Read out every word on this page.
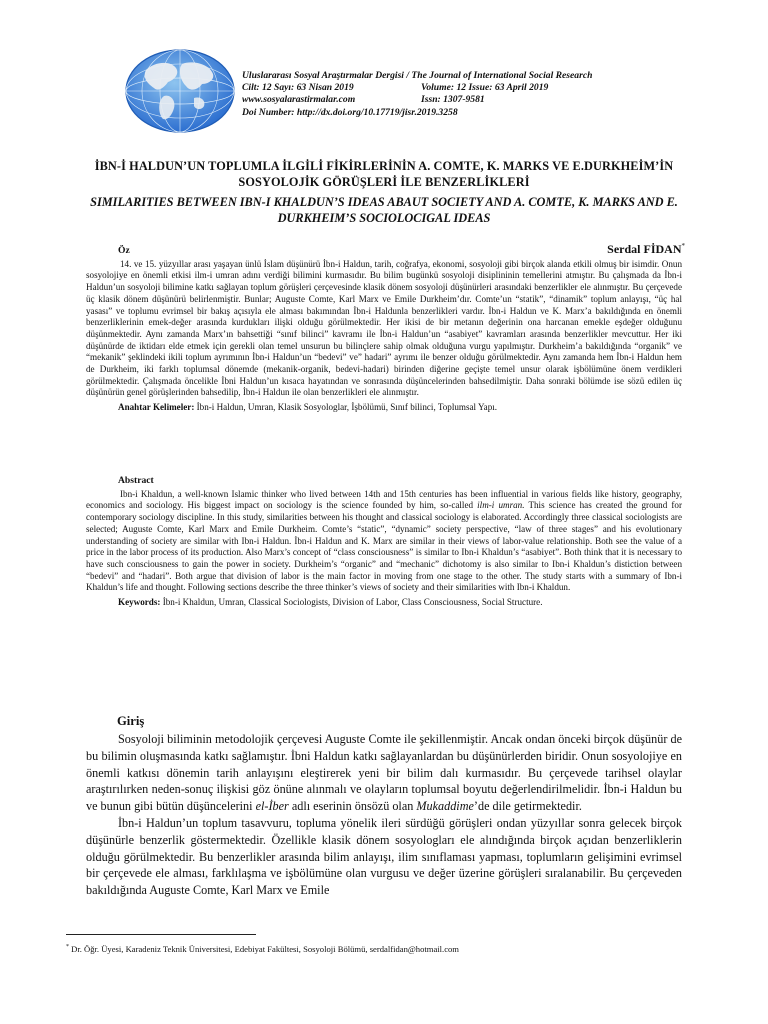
Uluslararası Sosyal Araştırmalar Dergisi / The Journal of International Social Research
Cilt: 12 Sayı: 63 Nisan 2019	Volume: 12 Issue: 63 April 2019
www.sosyalarastirmalar.com	Issn: 1307-9581
Doi Number: http://dx.doi.org/10.17719/jisr.2019.3258
İBN-İ HALDUN’UN TOPLUMLA İLGİLİ FİKİRLERİNİN A. COMTE, K. MARKS VE E.DURKHEİM’İN SOSYOLOJİK GÖRÜŞLERİ İLE BENZERLİKLERİ
SIMILARITIES BETWEEN IBN-I KHALDUN’S IDEAS ABAUT SOCIETY AND A. COMTE, K. MARKS AND E. DURKHEIM’S SOCIOLOCIGAL IDEAS
Serdal FİDAN*
Öz

14. ve 15. yüzyıllar arası yaşayan ünlü İslam düşünürü İbn-i Haldun, tarih, coğrafya, ekonomi, sosyoloji gibi birçok alanda etkili olmuş bir isimdir. Onun sosyolojiye en önemli etkisi ilm-i umran adını verdiği bilimini kurmasıdır. Bu bilim bugünkü sosyoloji disiplininin temellerini atmıştır. Bu çalışmada da İbn-i Haldun’un sosyoloji bilimine katkı sağlayan toplum görüşleri çerçevesinde klasik dönem sosyoloji düşünürleri arasındaki benzerlikler ele alınmıştır. Bu çerçevede üç klasik dönem düşünürü belirlenmiştir. Bunlar; Auguste Comte, Karl Marx ve Emile Durkheim’dır. Comte’un “statik”, “dinamik” toplum anlayışı, “üç hal yasası” ve toplumu evrimsel bir bakış açısıyla ele alması bakımından İbn-i Haldunla benzerlikleri vardır. İbn-i Haldun ve K. Marx’a bakıldığında en önemli benzerliklerinin emek-değer arasında kurdukları ilişki olduğu görülmektedir. Her ikisi de bir metanın değerinin ona harcanan emekle eşdeğer olduğunu düşünmektedir. Aynı zamanda Marx’ın bahsettiği “sınıf bilinci” kavramı ile İbn-i Haldun’un “asabiyet” kavramları arasında benzerlikler mevcuttur. Her iki düşünürde de iktidarı elde etmek için gerekli olan temel unsurun bu bilinçlere sahip olmak olduğuna vurgu yapılmıştır. Durkheim’a bakıldığında “organik” ve “mekanik” şeklindeki ikili toplum ayrımının İbn-i Haldun’un “bedevi” ve” hadari” ayrımı ile benzer olduğu görülmektedir. Aynı zamanda hem İbn-i Haldun hem de Durkheim, iki farklı toplumsal dönemde (mekanik-organik, bedevi-hadari) birinden diğerine geçişte temel unsur olarak işbölümüne önem verdikleri görülmektedir. Çalışmada öncelikle İbni Haldun’un kısaca hayatından ve sonrasında düşüncelerinden bahsedilmiştir. Daha sonraki bölümde ise sözü edilen üç düşünürün genel görüşlerinden bahsedilip, İbn-i Haldun ile olan benzerlikleri ele alınmıştır.

Anahtar Kelimeler: İbn-i Haldun, Umran, Klasik Sosyologlar, İşbölümü, Sınıf bilinci, Toplumsal Yapı.
Abstract

Ibn-i Khaldun, a well-known Islamic thinker who lived between 14th and 15th centuries has been influential in various fields like history, geography, economics and sociology. His biggest impact on sociology is the science founded by him, so-called ilm-i umran. This science has created the ground for contemporary sociology discipline. In this study, similarities between his thought and classical sociology is elaborated. Accordingly three classical sociologists are selected; Auguste Comte, Karl Marx and Emile Durkheim. Comte’s “static”, “dynamic” society perspective, “law of three stages” and his evolutionary understanding of society are similar with Ibn-i Haldun. İbn-i Haldun and K. Marx are similar in their views of labor-value relationship. Both see the value of a price in the labor process of its production. Also Marx’s concept of “class consciousness” is similar to Ibn-i Khaldun’s “asabiyet”. Both think that it is necessary to have such consciousness to gain the power in society. Durkheim’s “organic” and “mechanic” dichotomy is also similar to Ibn-i Khaldun’s distiction between “bedevi” and “hadari”. Both argue that division of labor is the main factor in moving from one stage to the other. The study starts with a summary of Ibn-i Khaldun’s life and thought. Following sections describe the three thinker’s views of society and their similarities with Ibn-i Khaldun.

Keywords: İbn-i Khaldun, Umran, Classical Sociologists, Division of Labor, Class Consciousness, Social Structure.
Giriş

Sosyoloji biliminin metodolojik çerçevesi Auguste Comte ile şekillenmiştir. Ancak ondan önceki birçok düşünür de bu bilimin oluşmasında katkı sağlamıştır. İbni Haldun katkı sağlayanlardan bu düşünürlerden biridir. Onun sosyolojiye en önemli katkısı dönemin tarih anlayışını eleştirerek yeni bir bilim dalı kurmasıdır. Bu çerçevede tarihsel olaylar araştırılırken neden-sonuç ilişkisi göz önüne alınmalı ve olayların toplumsal boyutu değerlendirilmelidir. İbn-i Haldun bu ve bunun gibi bütün düşüncelerini el-İber adlı eserinin önsözü olan Mukaddime’de dile getirmektedir.

İbn-i Haldun’un toplum tasavvuru, topluma yönelik ileri sürdüğü görüşleri ondan yüzyıllar sonra gelecek birçok düşünürle benzerlik göstermektedir. Özellikle klasik dönem sosyologları ele alındığında birçok açıdan benzerliklerin olduğu görülmektedir. Bu benzerlikler arasında bilim anlayışı, ilim sınıflaması yapması, toplumların gelişimini evrimsel bir çerçevede ele alması, farklılaşma ve işbölümüne olan vurgusu ve değer üzerine görüşleri sıralanabilir. Bu çerçeveden bakıldığında Auguste Comte, Karl Marx ve Emile

* Dr. Öğr. Üyesi, Karadeniz Teknik Üniversitesi, Edebiyat Fakültesi, Sosyoloji Bölümü, serdalfidan@hotmail.com
